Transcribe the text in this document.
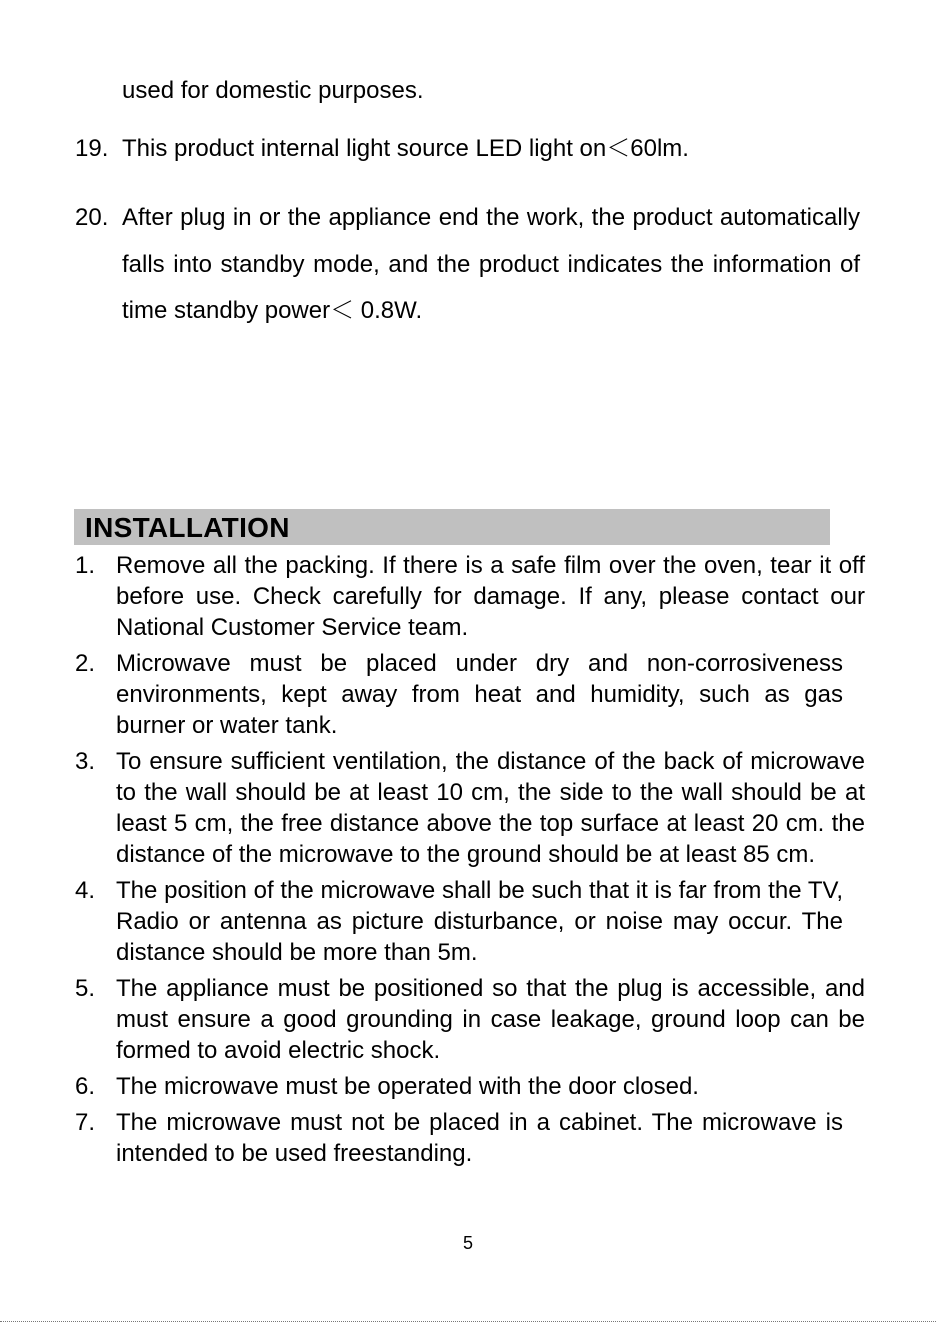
used for domestic purposes.
19. This product internal light source LED light on＜60lm.
20. After plug in or the appliance end the work, the product automatically falls into standby mode, and the product indicates the information of time standby power＜ 0.8W.
INSTALLATION
1. Remove all the packing. If there is a safe film over the oven, tear it off before use. Check carefully for damage. If any, please contact our National Customer Service team.
2. Microwave must be placed under dry and non-corrosiveness environments, kept away from heat and humidity, such as gas burner or water tank.
3. To ensure sufficient ventilation, the distance of the back of microwave to the wall should be at least 10 cm, the side to the wall should be at least 5 cm, the free distance above the top surface at least 20 cm. the distance of the microwave to the ground should be at least 85 cm.
4. The position of the microwave shall be such that it is far from the TV, Radio or antenna as picture disturbance, or noise may occur. The distance should be more than 5m.
5. The appliance must be positioned so that the plug is accessible, and must ensure a good grounding in case leakage, ground loop can be formed to avoid electric shock.
6. The microwave must be operated with the door closed.
7. The microwave must not be placed in a cabinet. The microwave is intended to be used freestanding.
5
